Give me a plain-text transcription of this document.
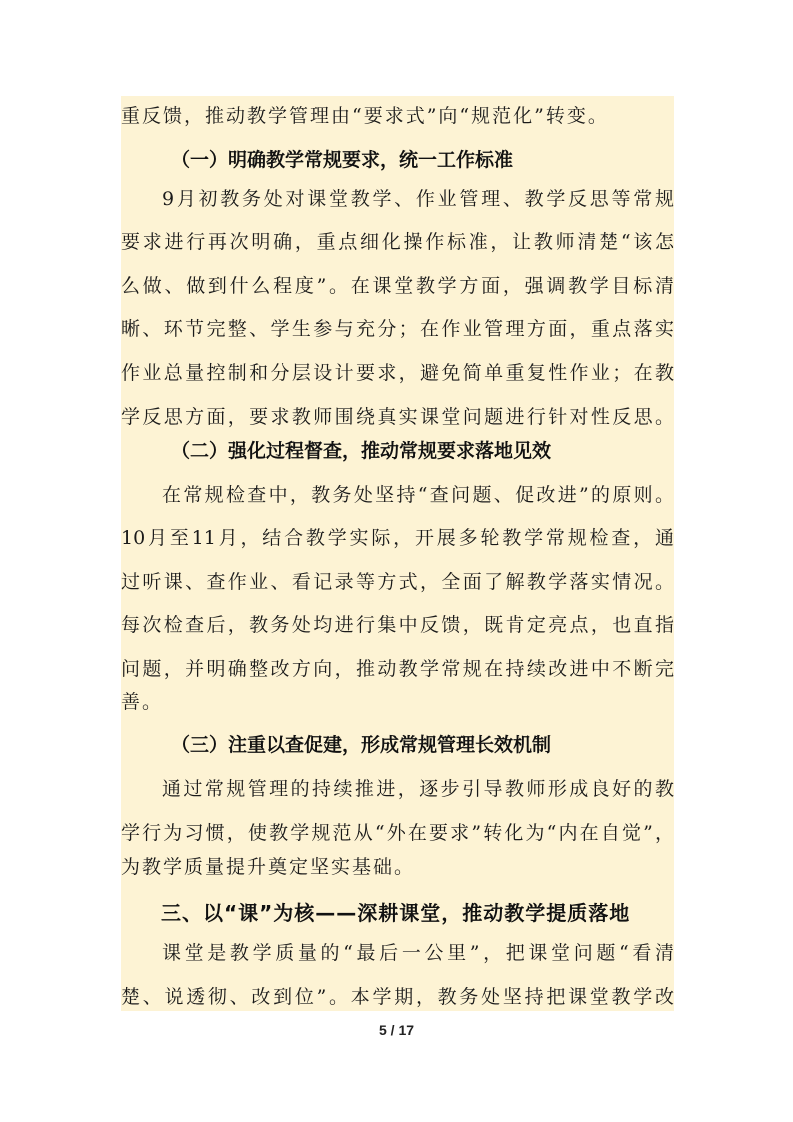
重反馈，推动教学管理由“要求式”向“规范化”转变。
（一）明确教学常规要求，统一工作标准
9月初教务处对课堂教学、作业管理、教学反思等常规
要求进行再次明确，重点细化操作标准，让教师清楚“该怎
么做、做到什么程度”。在课堂教学方面，强调教学目标清
晰、环节完整、学生参与充分；在作业管理方面，重点落实
作业总量控制和分层设计要求，避免简单重复性作业；在教
学反思方面，要求教师围绕真实课堂问题进行针对性反思。
（二）强化过程督查，推动常规要求落地见效
在常规检查中，教务处坚持“查问题、促改进”的原则。
10月至11月，结合教学实际，开展多轮教学常规检查，通
过听课、查作业、看记录等方式，全面了解教学落实情况。
每次检查后，教务处均进行集中反馈，既肯定亮点，也直指
问题，并明确整改方向，推动教学常规在持续改进中不断完
善。
（三）注重以查促建，形成常规管理长效机制
通过常规管理的持续推进，逐步引导教师形成良好的教
学行为习惯，使教学规范从“外在要求”转化为“内在自觉”，
为教学质量提升奠定坚实基础。
三、以“课”为核——深耕课堂，推动教学提质落地
课堂是教学质量的“最后一公里”，把课堂问题“看清
楚、说透彻、改到位”。本学期，教务处坚持把课堂教学改
5 / 17
